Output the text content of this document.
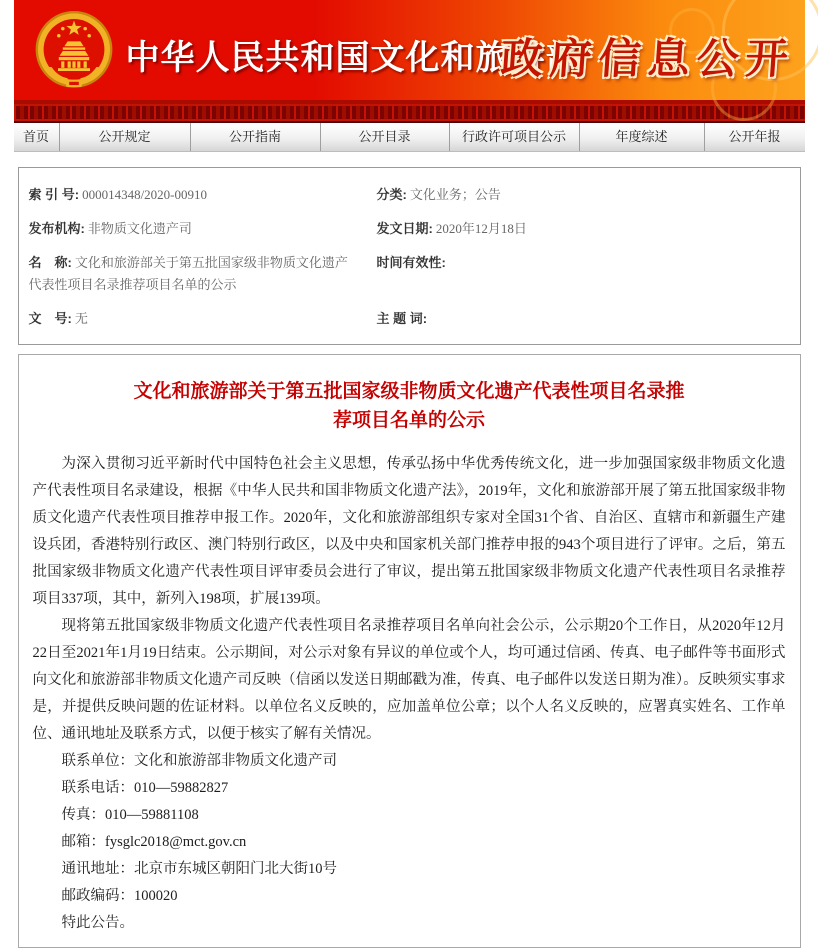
中华人民共和国文化和旅游部
政府信息公开
首页	公开规定	公开指南	公开目录	行政许可项目公示	年度综述	公开年报
索 引 号: 000014348/2020-00910	分类: 文化业务；公告
发布机构: 非物质文化遗产司	发文日期: 2020年12月18日
名　称: 文化和旅游部关于第五批国家级非物质文化遗产代表性项目名录推荐项目名单的公示
时间有效性:
文　号: 无	主 题 词:
文化和旅游部关于第五批国家级非物质文化遗产代表性项目名录推
荐项目名单的公示

为深入贯彻习近平新时代中国特色社会主义思想，传承弘扬中华优秀传统文化，进一步加强国家级非物质文化遗产代表性项目名录建设，根据《中华人民共和国非物质文化遗产法》，2019年，文化和旅游部开展了第五批国家级非物质文化遗产代表性项目推荐申报工作。2020年，文化和旅游部组织专家对全国31个省、自治区、直辖市和新疆生产建设兵团，香港特别行政区、澳门特别行政区，以及中央和国家机关部门推荐申报的943个项目进行了评审。之后，第五批国家级非物质文化遗产代表性项目评审委员会进行了审议，提出第五批国家级非物质文化遗产代表性项目名录推荐项目337项，其中，新列入198项，扩展139项。

现将第五批国家级非物质文化遗产代表性项目名录推荐项目名单向社会公示，公示期20个工作日，从2020年12月22日至2021年1月19日结束。公示期间，对公示对象有异议的单位或个人，均可通过信函、传真、电子邮件等书面形式向文化和旅游部非物质文化遗产司反映（信函以发送日期邮戳为准，传真、电子邮件以发送日期为准）。反映须实事求是，并提供反映问题的佐证材料。以单位名义反映的，应加盖单位公章；以个人名义反映的，应署真实姓名、工作单位、通讯地址及联系方式，以便于核实了解有关情况。

联系单位：文化和旅游部非物质文化遗产司

联系电话：010—59882827

传真：010—59881108

邮箱：fysglc2018@mct.gov.cn

通讯地址：北京市东城区朝阳门北大街10号

邮政编码：100020

特此公告。
